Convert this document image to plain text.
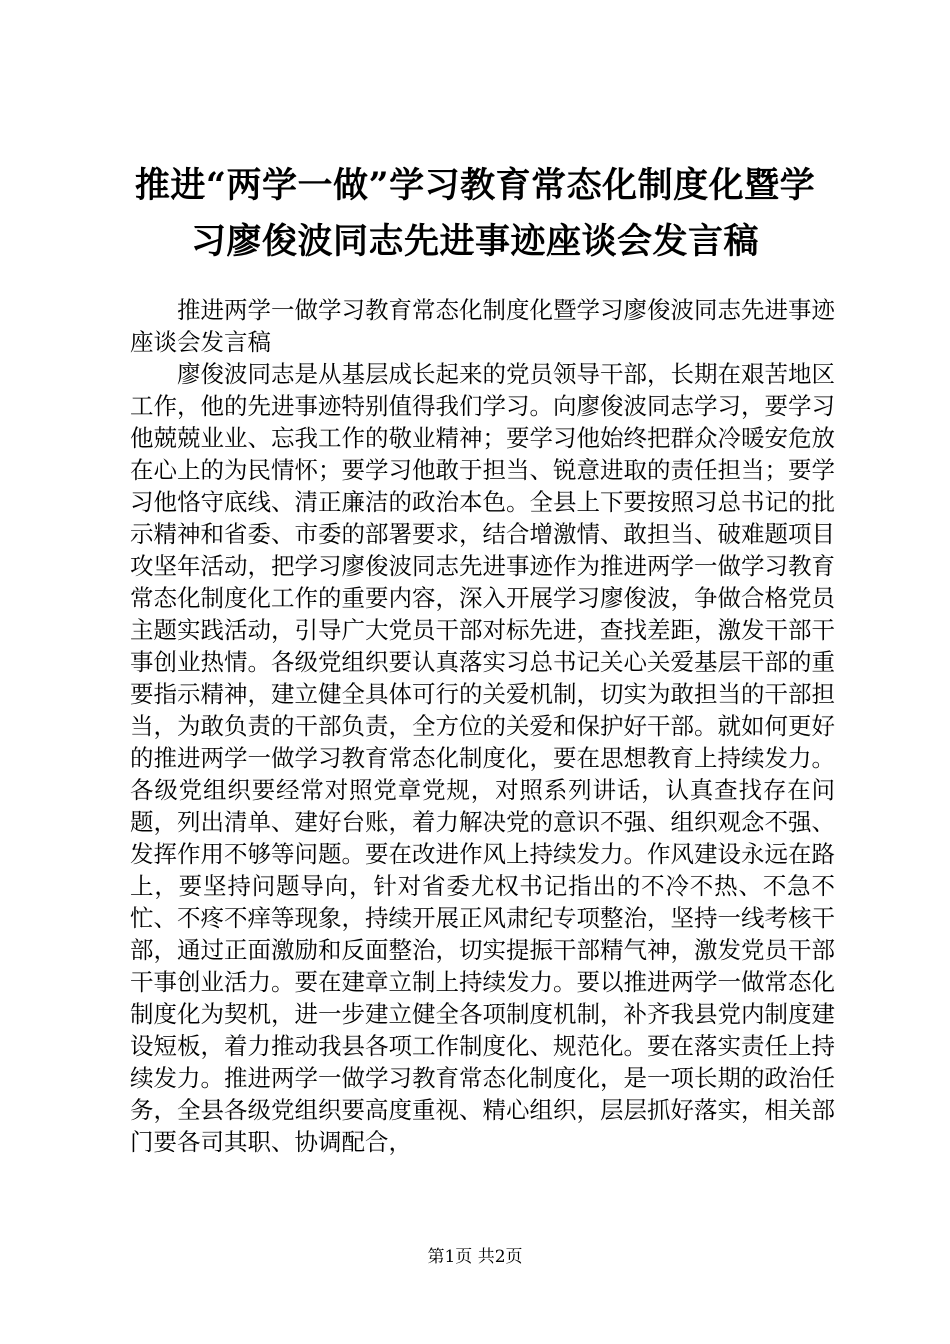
推进“两学一做”学习教育常态化制度化暨学
习廖俊波同志先进事迹座谈会发言稿

推进两学一做学习教育常态化制度化暨学习廖俊波同志先进事迹座谈会发言稿

廖俊波同志是从基层成长起来的党员领导干部，长期在艰苦地区工作，他的先进事迹特别值得我们学习。向廖俊波同志学习，要学习他兢兢业业、忘我工作的敬业精神；要学习他始终把群众冷暖安危放在心上的为民情怀；要学习他敢于担当、锐意进取的责任担当；要学习他恪守底线、清正廉洁的政治本色。全县上下要按照习总书记的批示精神和省委、市委的部署要求，结合增激情、敢担当、破难题项目攻坚年活动，把学习廖俊波同志先进事迹作为推进两学一做学习教育常态化制度化工作的重要内容，深入开展学习廖俊波，争做合格党员主题实践活动，引导广大党员干部对标先进，查找差距，激发干部干事创业热情。各级党组织要认真落实习总书记关心关爱基层干部的重要指示精神，建立健全具体可行的关爱机制，切实为敢担当的干部担当，为敢负责的干部负责，全方位的关爱和保护好干部。就如何更好的推进两学一做学习教育常态化制度化，要在思想教育上持续发力。各级党组织要经常对照党章党规，对照系列讲话，认真查找存在问题，列出清单、建好台账，着力解决党的意识不强、组织观念不强、发挥作用不够等问题。要在改进作风上持续发力。作风建设永远在路上，要坚持问题导向，针对省委尤权书记指出的不冷不热、不急不忙、不疼不痒等现象，持续开展正风肃纪专项整治，坚持一线考核干部，通过正面激励和反面整治，切实提振干部精气神，激发党员干部干事创业活力。要在建章立制上持续发力。要以推进两学一做常态化制度化为契机，进一步建立健全各项制度机制，补齐我县党内制度建设短板，着力推动我县各项工作制度化、规范化。要在落实责任上持续发力。推进两学一做学习教育常态化制度化，是一项长期的政治任务，全县各级党组织要高度重视、精心组织，层层抓好落实，相关部门要各司其职、协调配合，

第1页 共2页
